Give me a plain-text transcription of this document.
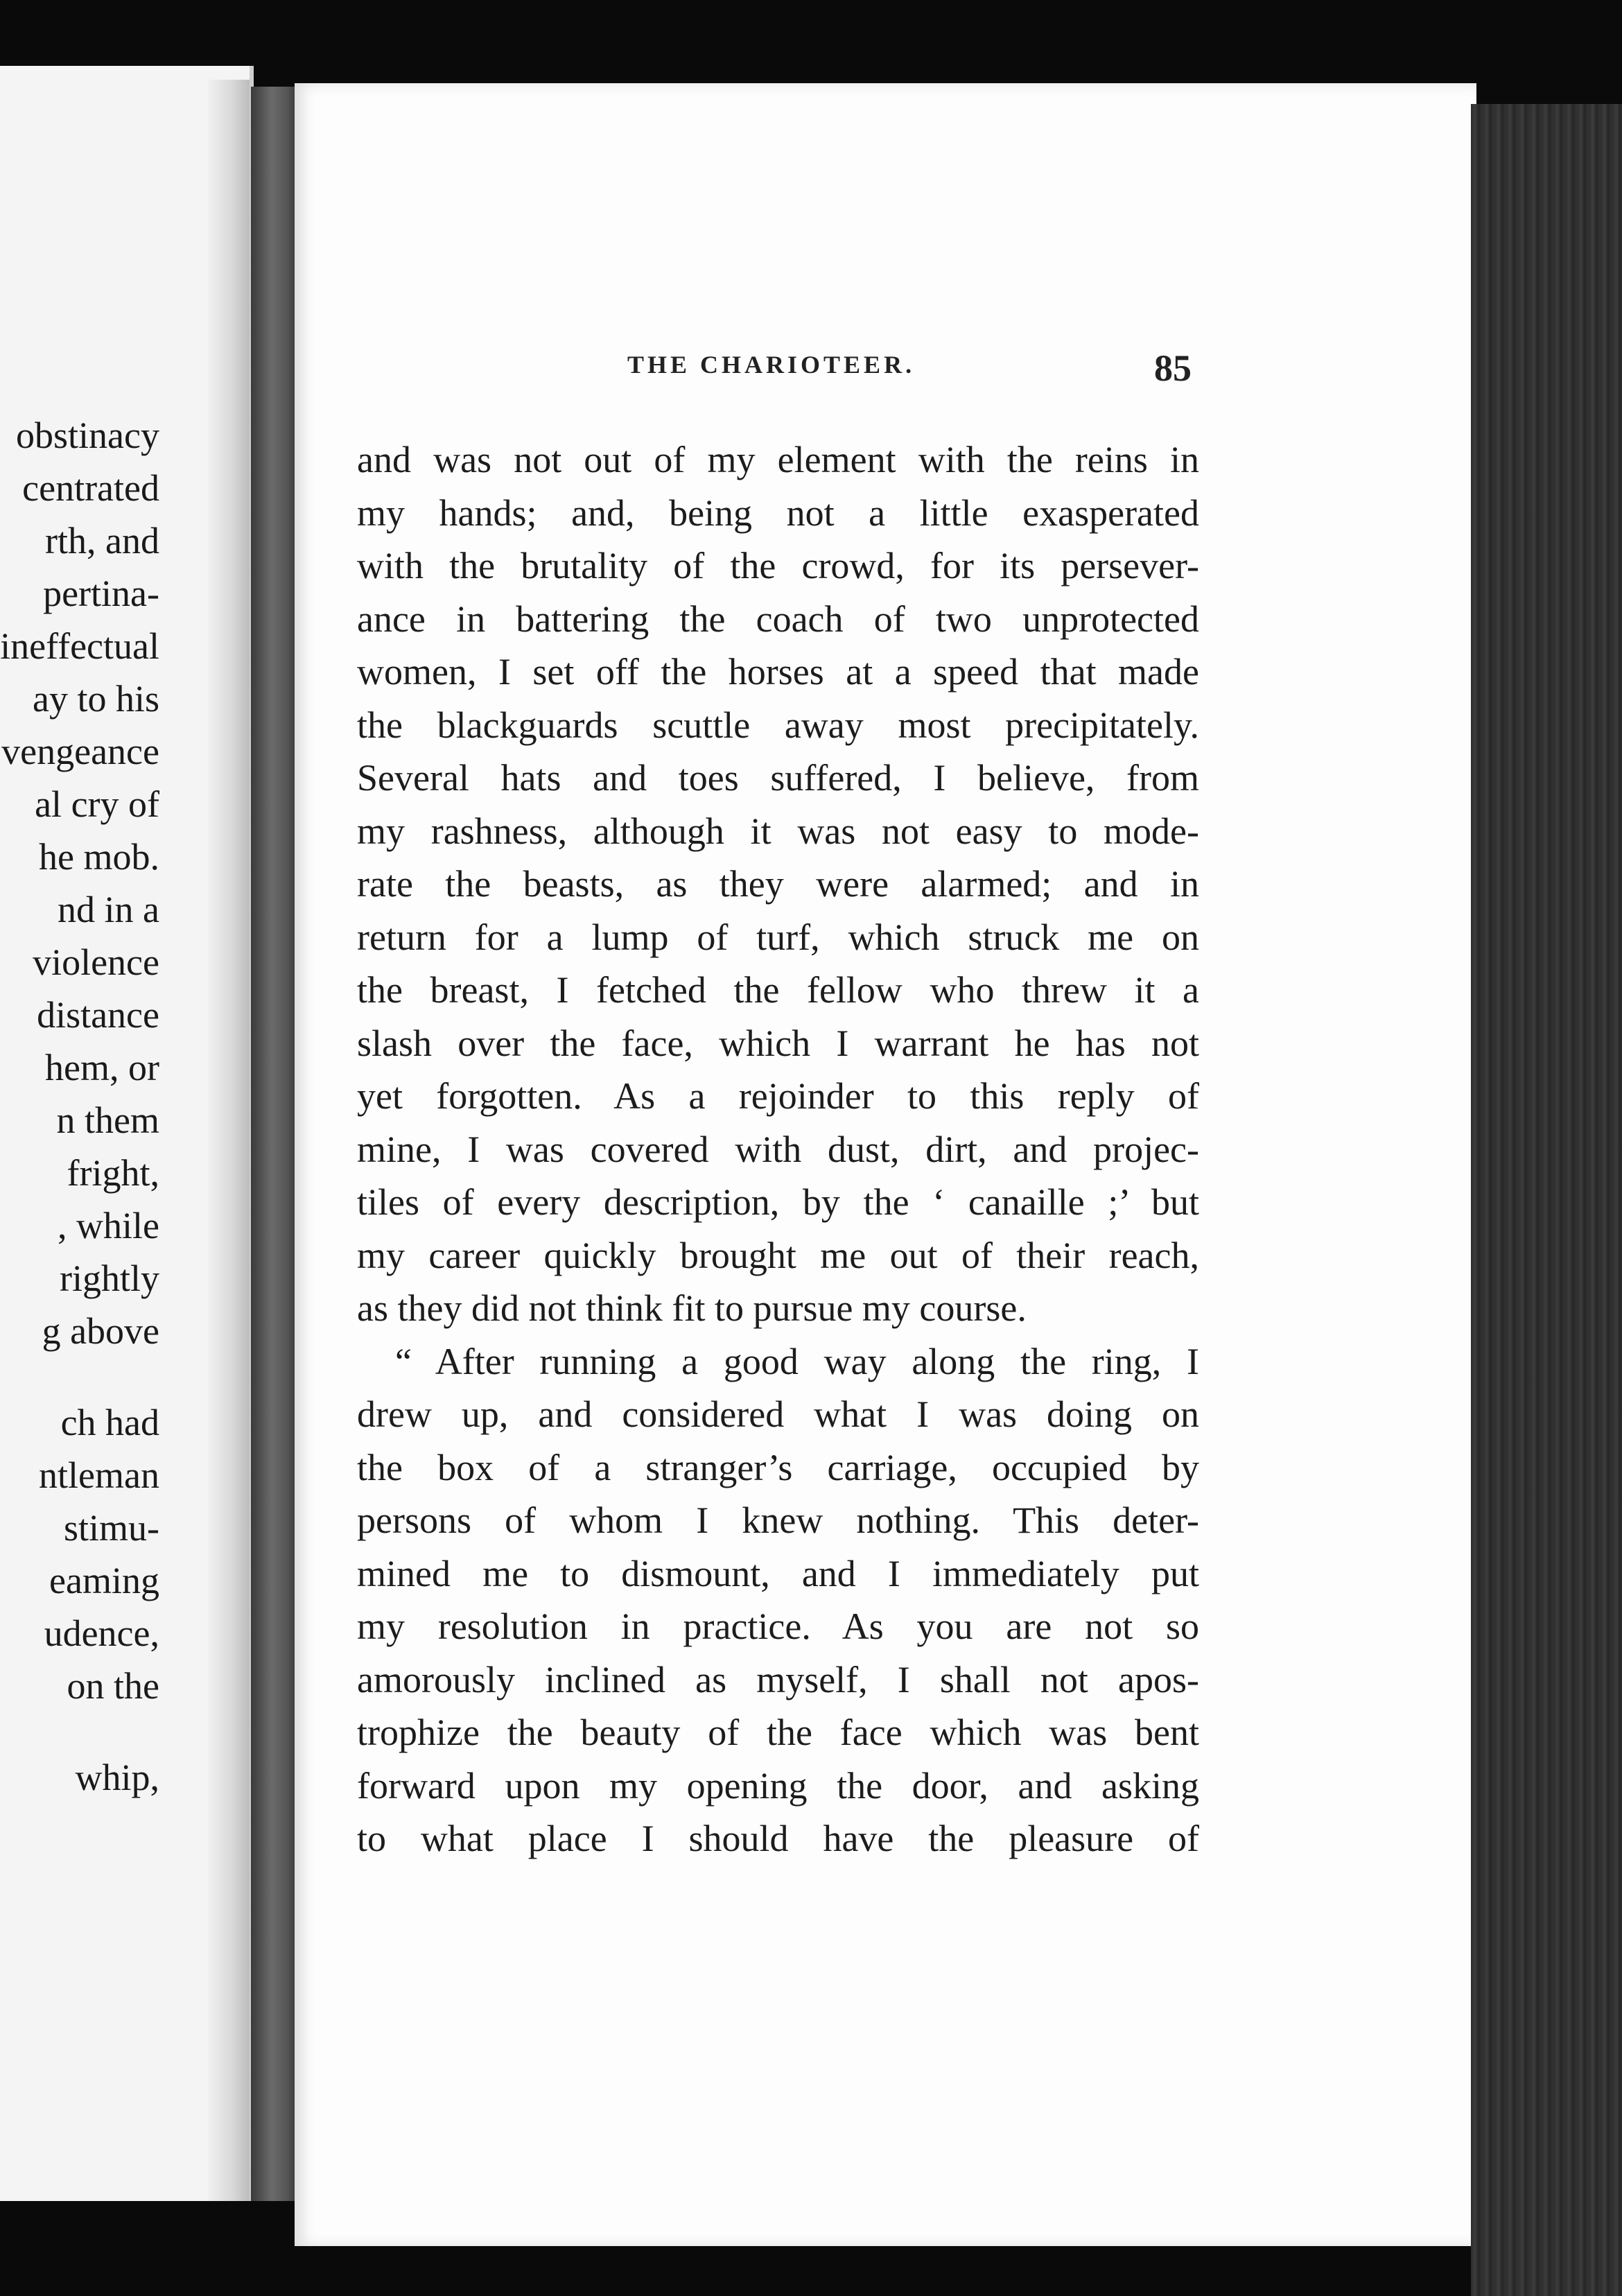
obstinacy
centrated
rth, and
pertina-
ineffectual
ay to his
vengeance
al cry of
he mob.
nd in a
violence
distance
hem, or
n them
fright,
, while
rightly
g above
ch had
ntleman
stimu-
eaming
udence,
on the
whip,
THE CHARIOTEER.	85
and was not out of my element with the reins in
my hands; and, being not a little exasperated
with the brutality of the crowd, for its persever-
ance in battering the coach of two unprotected
women, I set off the horses at a speed that made
the blackguards scuttle away most precipitately.
Several hats and toes suffered, I believe, from
my rashness, although it was not easy to mode-
rate the beasts, as they were alarmed; and in
return for a lump of turf, which struck me on
the breast, I fetched the fellow who threw it a
slash over the face, which I warrant he has not
yet forgotten. As a rejoinder to this reply of
mine, I was covered with dust, dirt, and projec-
tiles of every description, by the ‘ canaille ;’ but
my career quickly brought me out of their reach,
as they did not think fit to pursue my course.
“ After running a good way along the ring, I
drew up, and considered what I was doing on
the box of a stranger’s carriage, occupied by
persons of whom I knew nothing. This deter-
mined me to dismount, and I immediately put
my resolution in practice. As you are not so
amorously inclined as myself, I shall not apos-
trophize the beauty of the face which was bent
forward upon my opening the door, and asking
to what place I should have the pleasure of
